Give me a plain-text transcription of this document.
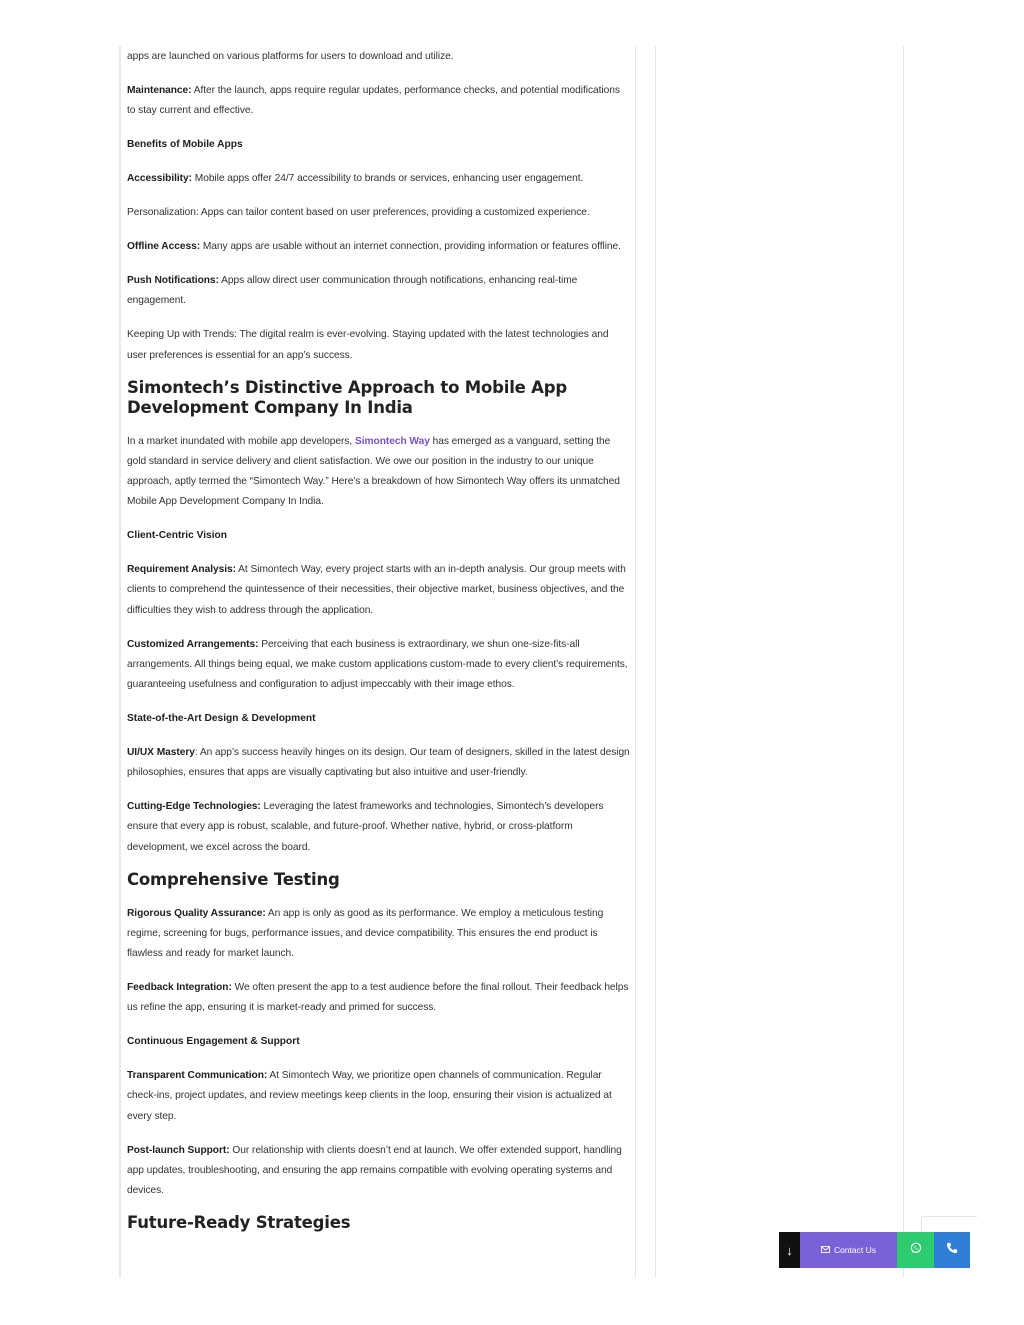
apps are launched on various platforms for users to download and utilize.

Maintenance: After the launch, apps require regular updates, performance checks, and potential modifications to stay current and effective.

Benefits of Mobile Apps

Accessibility: Mobile apps offer 24/7 accessibility to brands or services, enhancing user engagement.

Personalization: Apps can tailor content based on user preferences, providing a customized experience.

Offline Access: Many apps are usable without an internet connection, providing information or features offline.

Push Notifications: Apps allow direct user communication through notifications, enhancing real-time engagement.

Keeping Up with Trends: The digital realm is ever-evolving. Staying updated with the latest technologies and user preferences is essential for an app’s success.

Simontech’s Distinctive Approach to Mobile App Development Company In India

In a market inundated with mobile app developers, Simontech Way has emerged as a vanguard, setting the gold standard in service delivery and client satisfaction. We owe our position in the industry to our unique approach, aptly termed the “Simontech Way.” Here’s a breakdown of how Simontech Way offers its unmatched Mobile App Development Company In India.

Client-Centric Vision

Requirement Analysis: At Simontech Way, every project starts with an in-depth analysis. Our group meets with clients to comprehend the quintessence of their necessities, their objective market, business objectives, and the difficulties they wish to address through the application.

Customized Arrangements: Perceiving that each business is extraordinary, we shun one-size-fits-all arrangements. All things being equal, we make custom applications custom-made to every client’s requirements, guaranteeing usefulness and configuration to adjust impeccably with their image ethos.

State-of-the-Art Design & Development

UI/UX Mastery: An app’s success heavily hinges on its design. Our team of designers, skilled in the latest design philosophies, ensures that apps are visually captivating but also intuitive and user-friendly.

Cutting-Edge Technologies: Leveraging the latest frameworks and technologies, Simontech’s developers ensure that every app is robust, scalable, and future-proof. Whether native, hybrid, or cross-platform development, we excel across the board.

Comprehensive Testing

Rigorous Quality Assurance: An app is only as good as its performance. We employ a meticulous testing regime, screening for bugs, performance issues, and device compatibility. This ensures the end product is flawless and ready for market launch.

Feedback Integration: We often present the app to a test audience before the final rollout. Their feedback helps us refine the app, ensuring it is market-ready and primed for success.

Continuous Engagement & Support

Transparent Communication: At Simontech Way, we prioritize open channels of communication. Regular check-ins, project updates, and review meetings keep clients in the loop, ensuring their vision is actualized at every step.

Post-launch Support: Our relationship with clients doesn’t end at launch. We offer extended support, handling app updates, troubleshooting, and ensuring the app remains compatible with evolving operating systems and devices.

Future-Ready Strategies
↓	Contact Us
